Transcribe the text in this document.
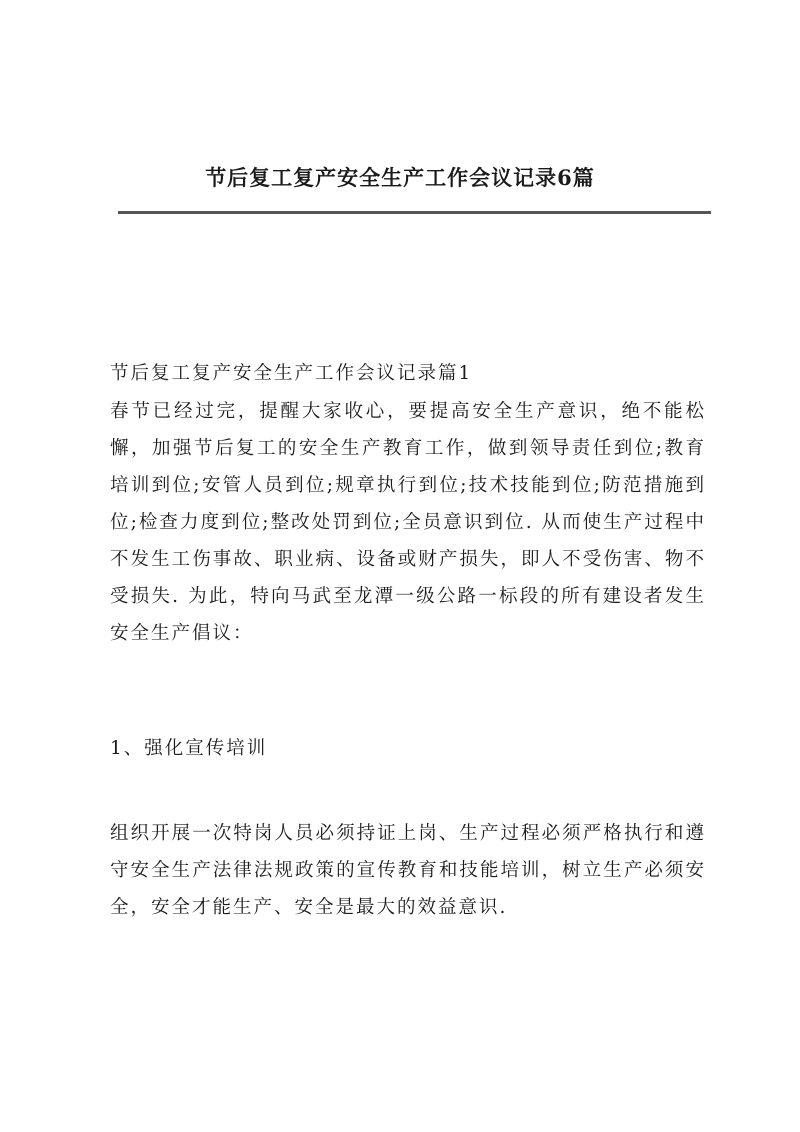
节后复工复产安全生产工作会议记录6篇

节后复工复产安全生产工作会议记录篇1

春节已经过完，提醒大家收心，要提高安全生产意识，绝不能松懈，加强节后复工的安全生产教育工作，做到领导责任到位;教育培训到位;安管人员到位;规章执行到位;技术技能到位;防范措施到位;检查力度到位;整改处罚到位;全员意识到位. 从而使生产过程中不发生工伤事故、职业病、设备或财产损失，即人不受伤害、物不受损失. 为此，特向马武至龙潭一级公路一标段的所有建设者发生安全生产倡议：

1、强化宣传培训

组织开展一次特岗人员必须持证上岗、生产过程必须严格执行和遵守安全生产法律法规政策的宣传教育和技能培训，树立生产必须安全，安全才能生产、安全是最大的效益意识.
